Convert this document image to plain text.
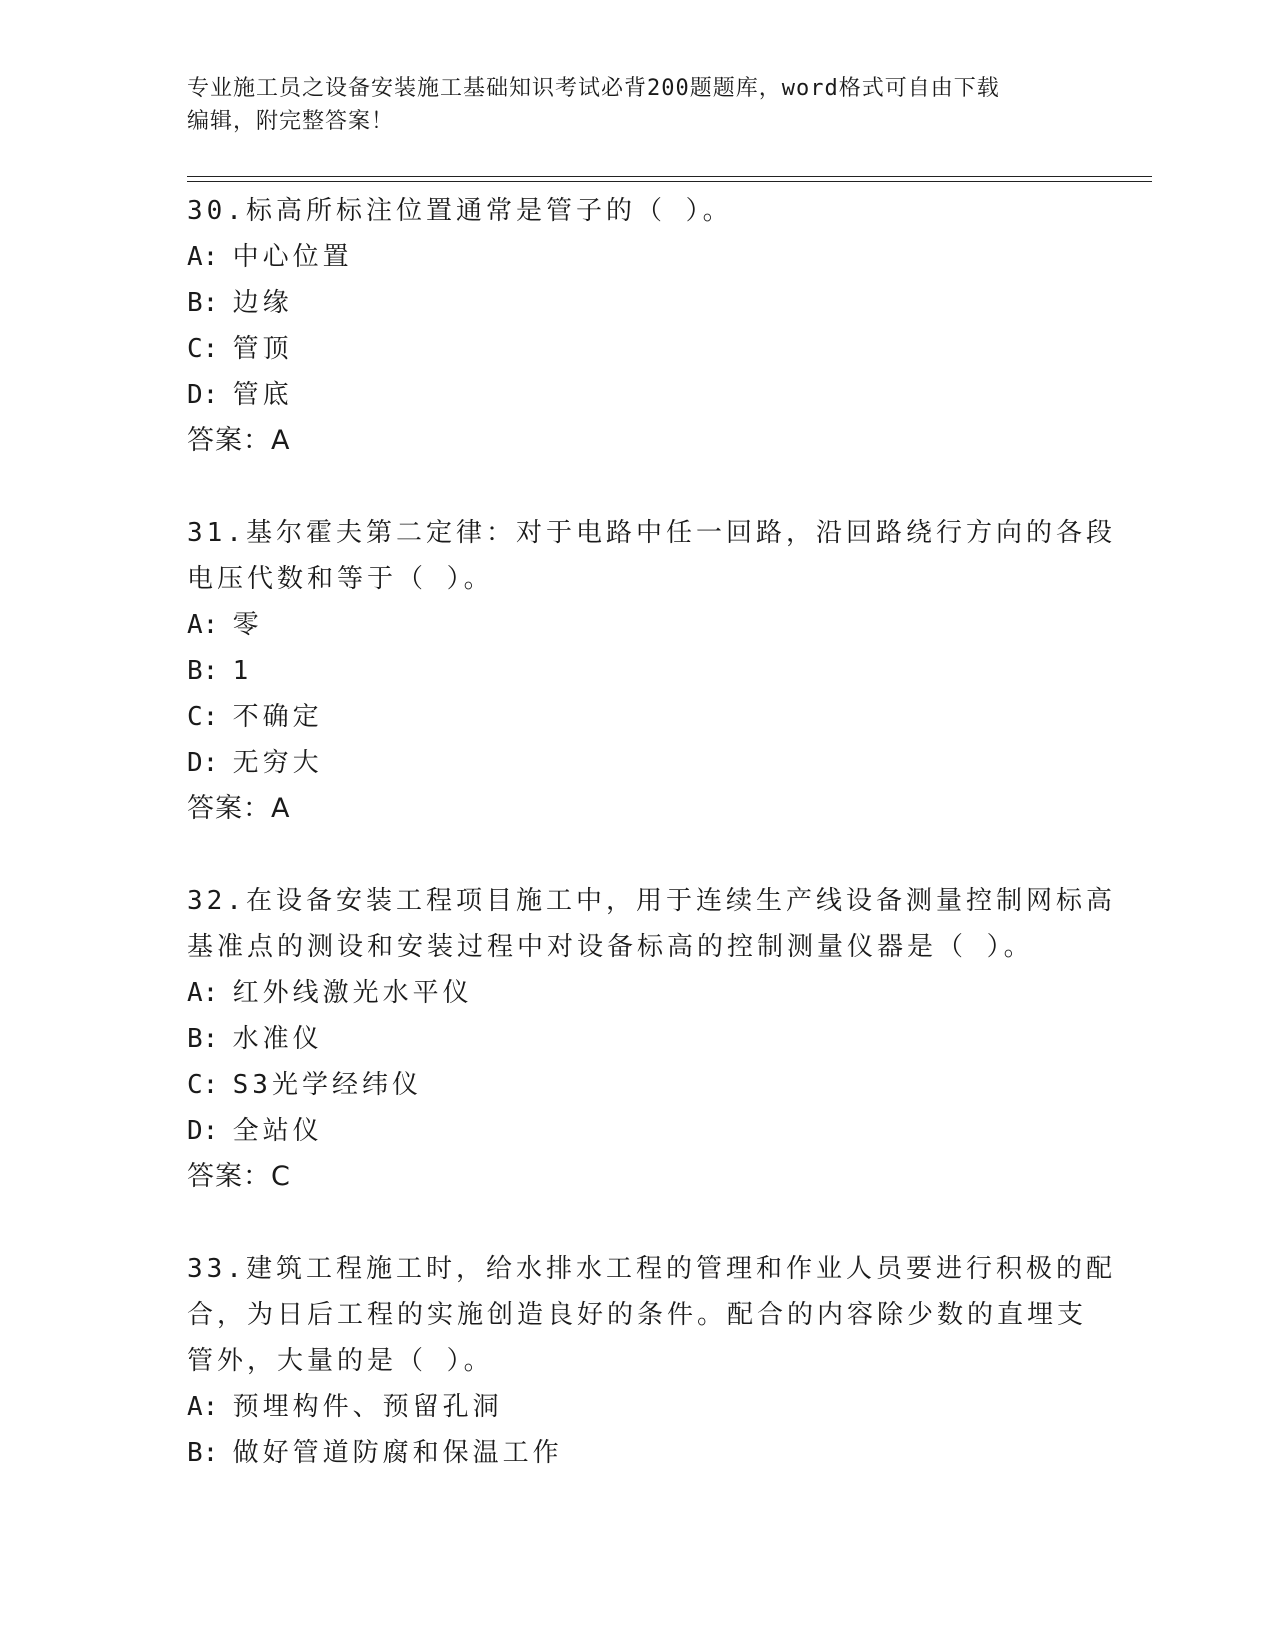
专业施工员之设备安装施工基础知识考试必背200题题库，word格式可自由下载
编辑，附完整答案！
30.标高所标注位置通常是管子的（ ）。
A: 中心位置
B: 边缘
C: 管顶
D: 管底
答案：A
31.基尔霍夫第二定律：对于电路中任一回路，沿回路绕行方向的各段
电压代数和等于（ ）。
A: 零
B: 1
C: 不确定
D: 无穷大
答案：A
32.在设备安装工程项目施工中，用于连续生产线设备测量控制网标高
基准点的测设和安装过程中对设备标高的控制测量仪器是（ ）。
A: 红外线激光水平仪
B: 水准仪
C: S3光学经纬仪
D: 全站仪
答案：C
33.建筑工程施工时，给水排水工程的管理和作业人员要进行积极的配
合，为日后工程的实施创造良好的条件。配合的内容除少数的直埋支
管外，大量的是（ ）。
A: 预埋构件、预留孔洞
B: 做好管道防腐和保温工作
